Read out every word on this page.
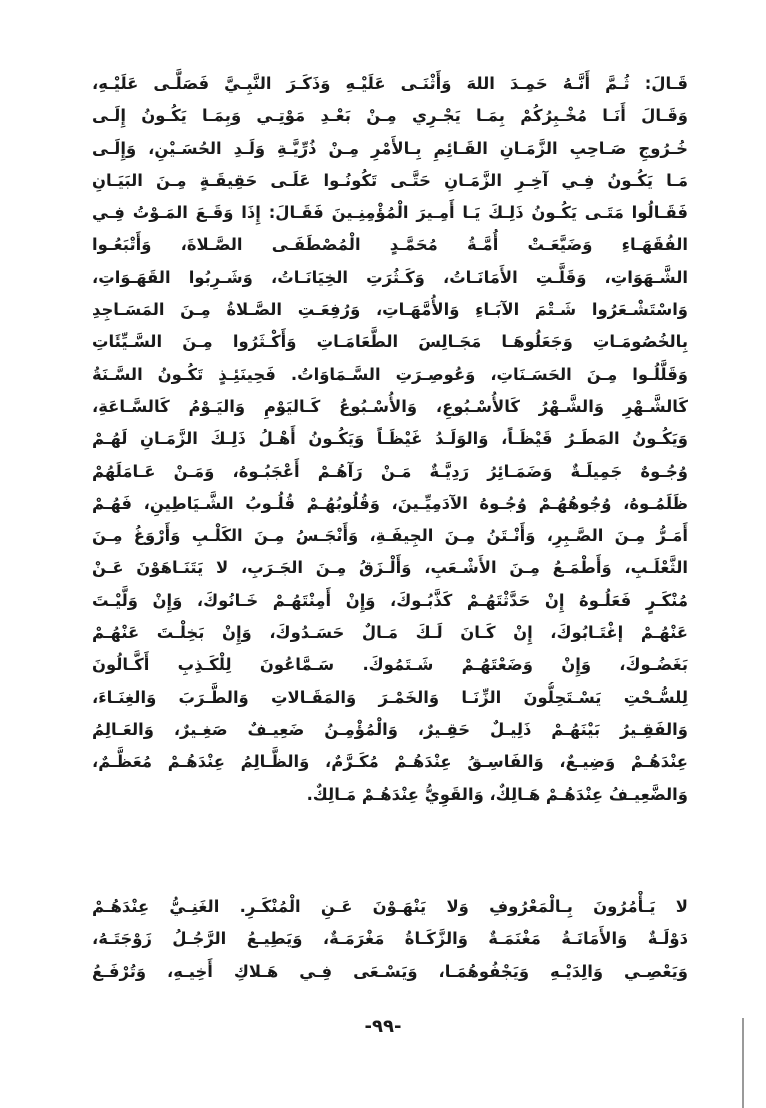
قَـالَ: ثُـمَّ أَنَّـهُ حَمِـدَ اللهَ وَأَثْنَـى عَلَيْـهِ وَذَكَـرَ النَّبِـيَّ فَصَلَّـى عَلَيْـهِ،
وَقَـالَ أَنَـا مُخْـبِرُكُمْ بِمَـا يَجْـرِي مِـنْ بَعْـدِ مَوْتِـي وَبِمَـا يَكُـونُ إِلَـى
خُـرُوجِ صَـاحِبِ الزَّمَـانِ القَـائِمِ بِـالأَمْرِ مِـنْ ذُرِّيَّـةِ وَلَـدِ الحُسَـيْنِ، وَإِلَـى
مَـا يَكُـونُ فِـي آخِـرِ الزَّمَـانِ حَتَّـى تَكُونُـوا عَلَـى حَقِيقَـةٍ مِـنَ البَيَـانِ
فَقَـالُوا مَتَـى يَكُـونُ ذَلِـكَ يَـا أَمِـيرَ الْمُؤْمِنِـينَ فَقَـالَ: إِذَا وَقَـعَ المَـوْتُ فِـي
الفُقَهَـاءِ وَضَيَّعَـتْ أُمَّـةُ مُحَمَّـدٍ الْمُصْطَفَـى الصَّـلاةَ، وَأَتْبَعُـوا
الشَّـهَوَاتِ، وَقَلَّـتِ الأَمَانَـاتُ، وَكَـثُرَتِ الخِيَانَـاتُ، وَشَـرِبُوا القَهَـوَاتِ،
وَاسْتَشْـعَرُوا شَـتْمَ الآبَـاءِ وَالأُمَّهَـاتِ، وَرُفِعَـتِ الصَّـلاةُ مِـنَ المَسَـاجِدِ
بِالخُصُومَـاتِ وَجَعَلُوهَـا مَجَـالِسَ الطَّعَامَـاتِ وَأَكْـثَرُوا مِـنَ السَّـيِّئَاتِ
وَقَلَّلُـوا مِـنَ الحَسَـنَاتِ، وَعُوصِـرَتِ السَّـمَاوَاتُ. فَحِينَئِـذٍ تَكُـونُ السَّـنَةُ
كَالشَّـهْرِ وَالشَّـهْرُ كَالأُسْـبُوعِ، وَالأُسْـبُوعُ كَـاليَوْمِ وَاليَـوْمُ كَالسَّـاعَةِ،
وَيَكُـونُ المَطَـرُ قَيْظَـاً، وَالوَلَـدُ غَيْظَـاً وَيَكُـونُ أَهْـلُ ذَلِـكَ الزَّمَـانِ لَهُـمْ
وُجُـوهٌ جَمِيلَـةٌ وَضَمَـائِرُ رَدِيَّـةٌ مَـنْ رَآهُـمْ أَعْجَبُـوهُ، وَمَـنْ عَـامَلَهُمْ
ظَلَمُـوهُ، وُجُوهُهُـمْ وُجُـوهُ الآدَمِيِّـينَ، وَقُلُوبُهُـمْ قُلُـوبُ الشَّـيَاطِينِ، فَهُـمْ
أَمَـرُّ مِـنَ الصَّـبِرِ، وَأَنْـتَنُ مِـنَ الجِيفَـةِ، وَأَنْجَـسُ مِـنَ الكَلْـبِ وَأَرْوَغُ مِـنَ
الثَّعْلَـبِ، وَأَطْمَـعُ مِـنَ الأَشْـعَبِ، وَأَلْـزَقُ مِـنَ الجَـرَبِ، لا يَتَنَـاهَوْنَ عَـنْ
مُنْكَـرٍ فَعَلُـوهُ إِنْ حَدَّثْتَهُـمْ كَذَّبُـوكَ، وَإِنْ أَمِنْتَهُـمْ خَـانُوكَ، وَإِنْ وَلَّيْـتَ
عَنْهُـمْ إغْتَـابُوكَ، إِنْ كَـانَ لَـكَ مَـالٌ حَسَـدُوكَ، وَإِنْ بَخِلْـتَ عَنْهُـمْ
بَغَضُـوكَ، وَإِنْ وَضَعْتَهُـمْ شَـتَمُوكَ. سَـمَّاعُونَ لِلْكَـذِبِ أَكَّـالُونَ
لِلسُّـحْتِ يَسْـتَحِلُّونَ الزِّنَـا وَالخَمْـرَ وَالمَقَـالاتِ وَالطَّـرَبَ وَالغِنَـاءَ،
وَالفَقِـيرُ بَيْنَهُـمْ ذَلِيـلٌ حَقِـيرٌ، وَالْمُؤْمِـنُ ضَعِيـفٌ صَغِـيرٌ، وَالعَـالِمُ
عِنْدَهُـمْ وَضِيـعٌ، وَالفَاسِـقُ عِنْدَهُـمْ مُكَـرَّمٌ، وَالظَّـالِمُ عِنْدَهُـمْ مُعَظَّـمٌ،
وَالضَّعِيـفُ عِنْدَهُـمْ هَـالِكٌ، وَالقَوِيُّ عِنْدَهُـمْ مَـالِكٌ.
لا يَـأْمُرُونَ بِـالْمَعْرُوفِ وَلا يَنْهَـوْنَ عَـنِ الْمُنْكَـرِ. الغَنِـيُّ عِنْدَهُـمْ
دَوْلَـةٌ وَالأَمَانَـةُ مَغْنَمَـةٌ وَالزَّكَـاةُ مَغْرَمَـةٌ، وَيَطِيـعُ الرَّجُـلُ زَوْجَتَـهُ،
وَيَعْصِـي وَالِدَيْـهِ وَيَجْفُوهُمَـا، وَيَسْـعَى فِـي هَـلاكِ أَخِيـهِ، وَتُرْفَـعُ
-٩٩-
